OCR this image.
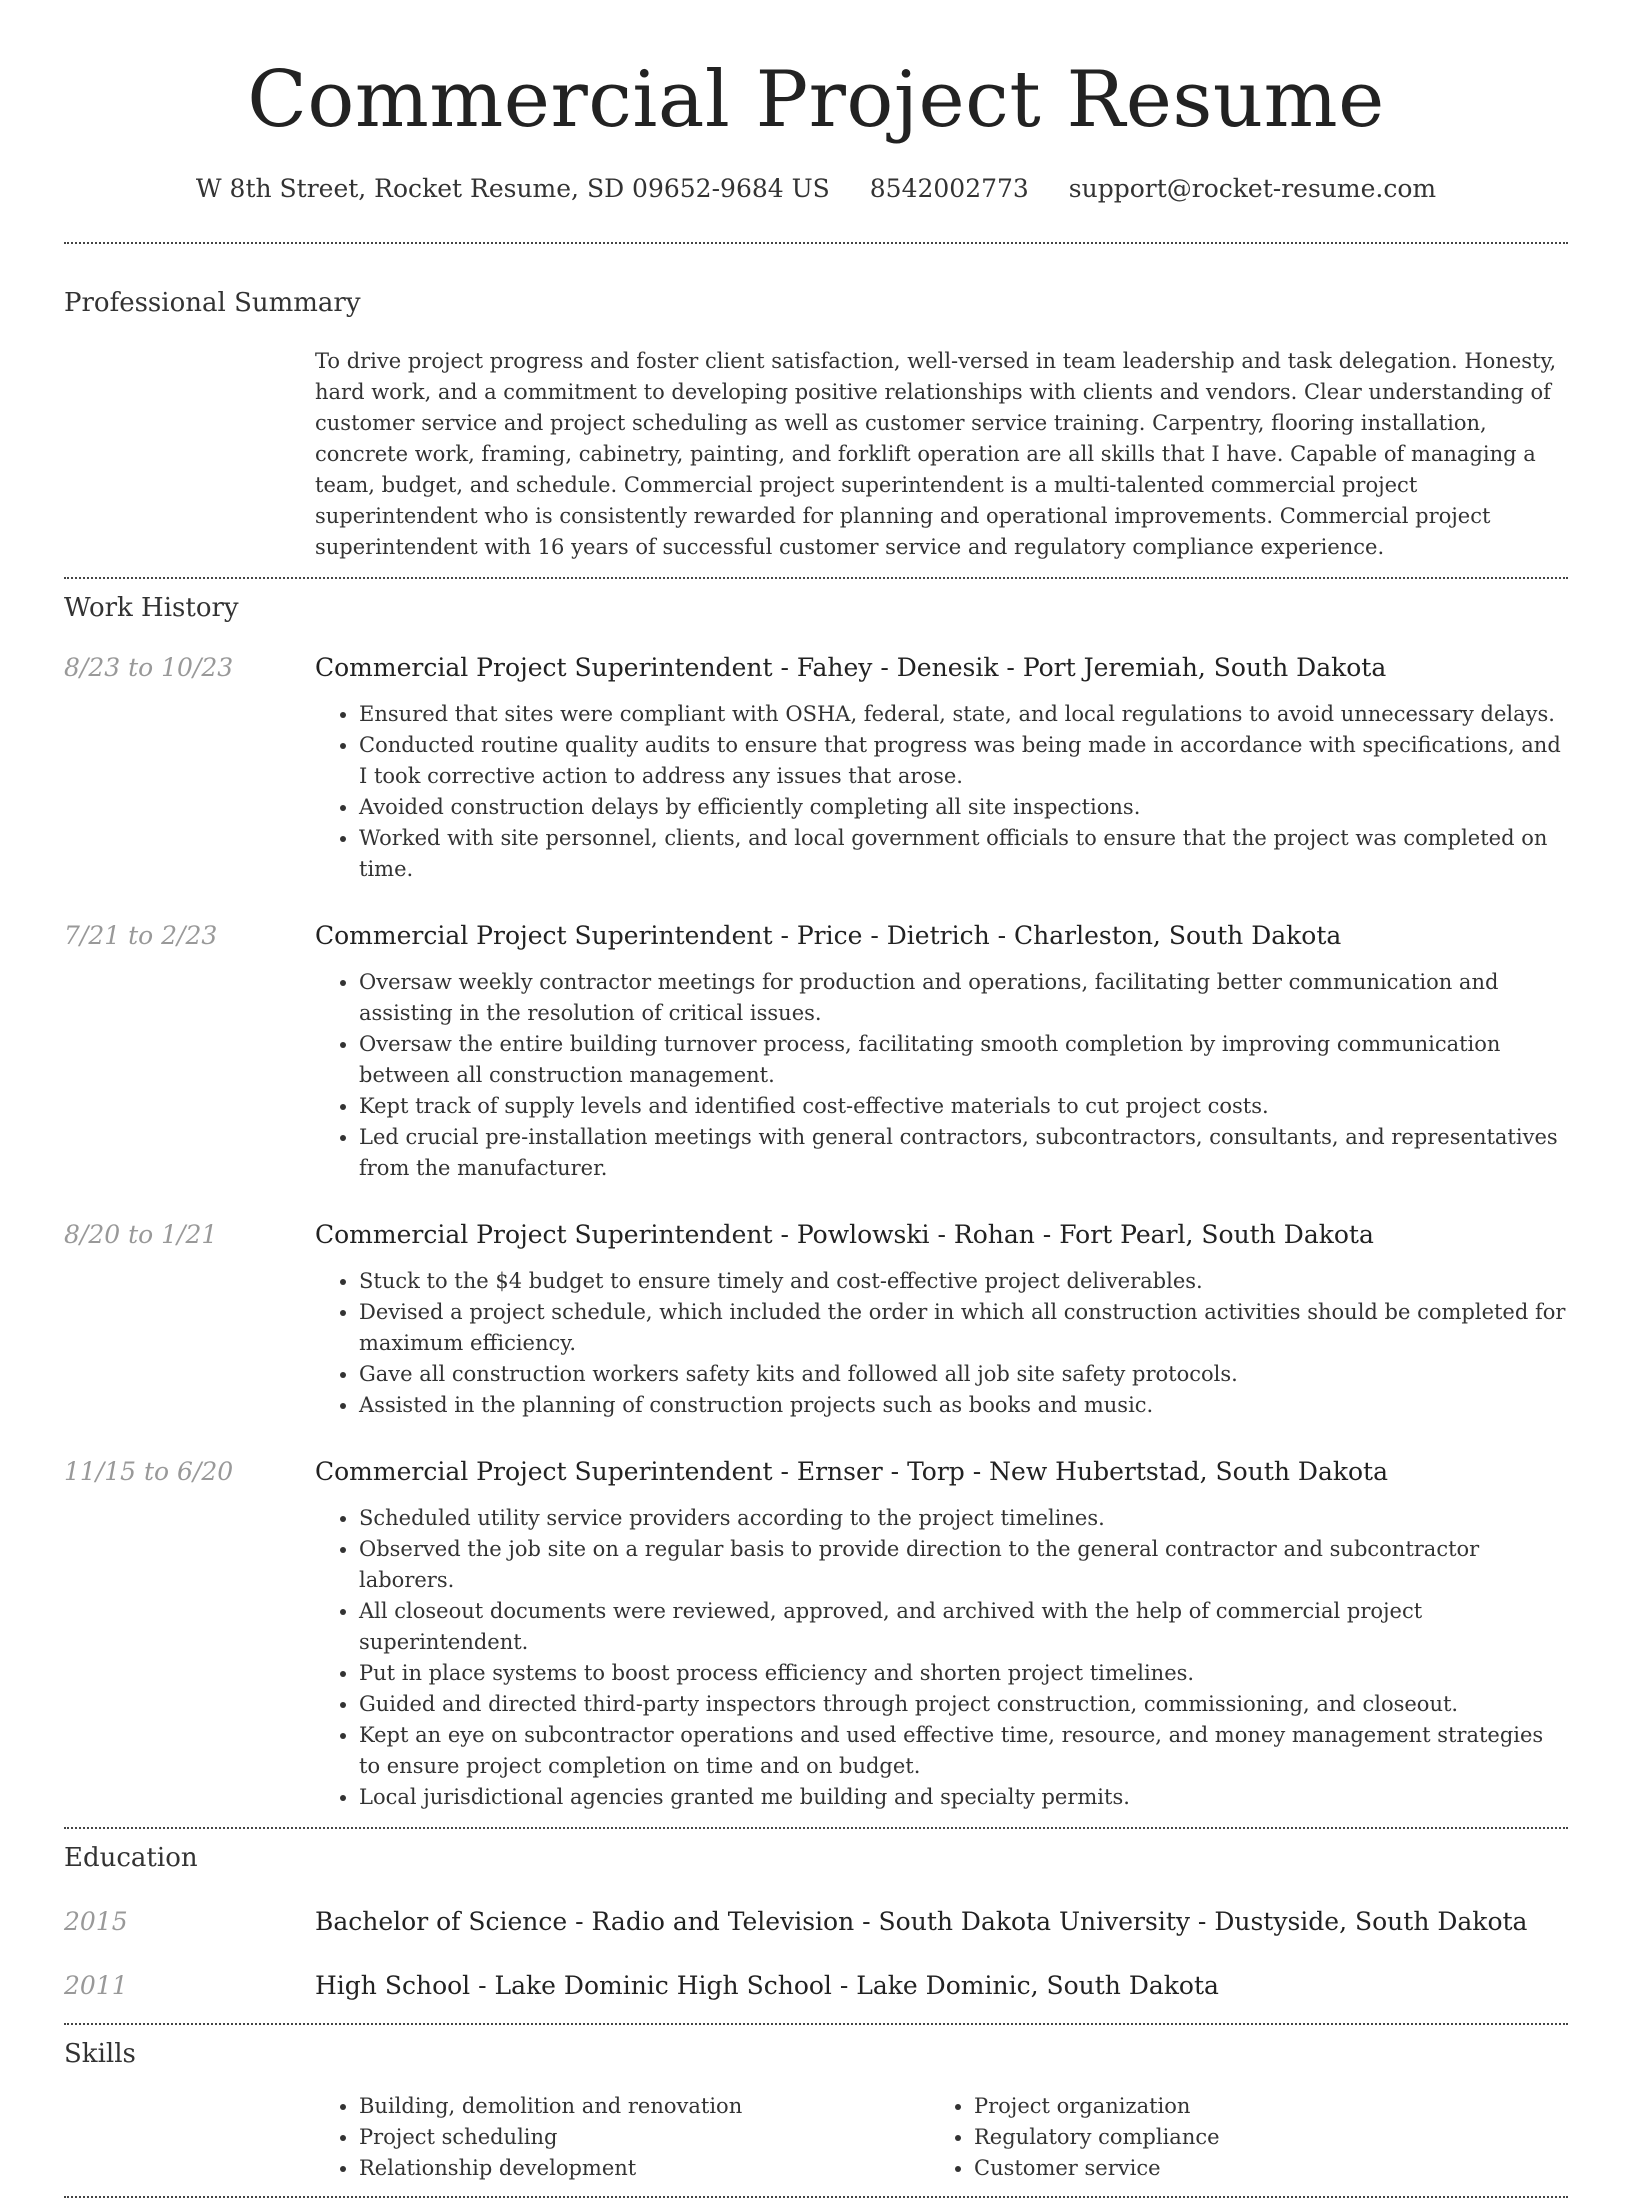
Commercial Project Resume
W 8th Street, Rocket Resume, SD 09652-9684 US 8542002773 support@rocket-resume.com
Professional Summary

To drive project progress and foster client satisfaction, well-versed in team leadership and task delegation. Honesty, hard work, and a commitment to developing positive relationships with clients and vendors. Clear understanding of customer service and project scheduling as well as customer service training. Carpentry, flooring installation, concrete work, framing, cabinetry, painting, and forklift operation are all skills that I have. Capable of managing a team, budget, and schedule. Commercial project superintendent is a multi-talented commercial project superintendent who is consistently rewarded for planning and operational improvements. Commercial project superintendent with 16 years of successful customer service and regulatory compliance experience.

Work History
8/23 to 10/23	Commercial Project Superintendent - Fahey - Denesik - Port Jeremiah, South Dakota
• Ensured that sites were compliant with OSHA, federal, state, and local regulations to avoid unnecessary delays.
• Conducted routine quality audits to ensure that progress was being made in accordance with specifications, and I took corrective action to address any issues that arose.
• Avoided construction delays by efficiently completing all site inspections.
• Worked with site personnel, clients, and local government officials to ensure that the project was completed on time.
7/21 to 2/23	Commercial Project Superintendent - Price - Dietrich - Charleston, South Dakota
• Oversaw weekly contractor meetings for production and operations, facilitating better communication and assisting in the resolution of critical issues.
• Oversaw the entire building turnover process, facilitating smooth completion by improving communication between all construction management.
• Kept track of supply levels and identified cost-effective materials to cut project costs.
• Led crucial pre-installation meetings with general contractors, subcontractors, consultants, and representatives from the manufacturer.
8/20 to 1/21	Commercial Project Superintendent - Powlowski - Rohan - Fort Pearl, South Dakota
• Stuck to the $4 budget to ensure timely and cost-effective project deliverables.
• Devised a project schedule, which included the order in which all construction activities should be completed for maximum efficiency.
• Gave all construction workers safety kits and followed all job site safety protocols.
• Assisted in the planning of construction projects such as books and music.
11/15 to 6/20	Commercial Project Superintendent - Ernser - Torp - New Hubertstad, South Dakota
• Scheduled utility service providers according to the project timelines.
• Observed the job site on a regular basis to provide direction to the general contractor and subcontractor laborers.
• All closeout documents were reviewed, approved, and archived with the help of commercial project superintendent.
• Put in place systems to boost process efficiency and shorten project timelines.
• Guided and directed third-party inspectors through project construction, commissioning, and closeout.
• Kept an eye on subcontractor operations and used effective time, resource, and money management strategies to ensure project completion on time and on budget.
• Local jurisdictional agencies granted me building and specialty permits.
Education
2015	Bachelor of Science - Radio and Television - South Dakota University - Dustyside, South Dakota
2011	High School - Lake Dominic High School - Lake Dominic, South Dakota
Skills
• Building, demolition and renovation
• Project scheduling
• Relationship development
• Project organization
• Regulatory compliance
• Customer service
